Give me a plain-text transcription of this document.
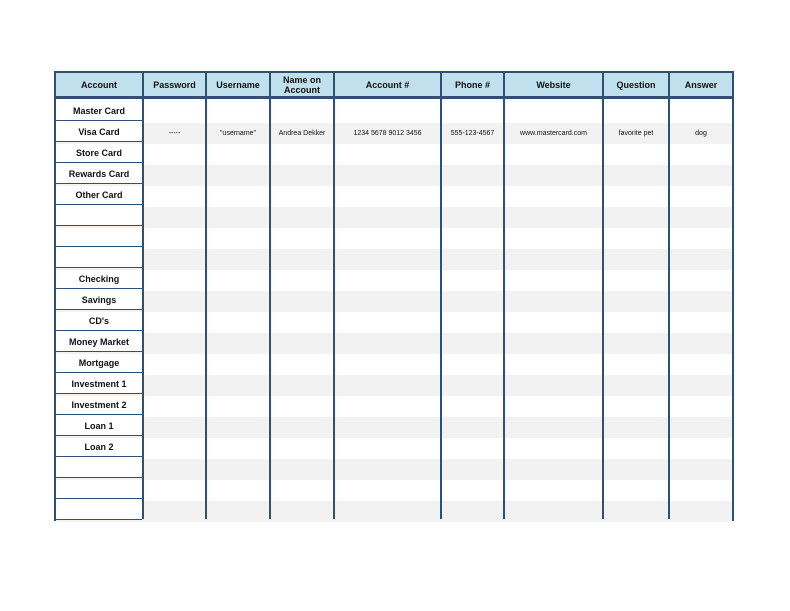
Account	Password	Username	Name on Account	Account #	Phone #	Website	Question	Answer
Master Card
Visa Card	-----	"username"	Andrea Dekker	1234 5678 9012 3456	555-123-4567	www.mastercard.com	favorite pet	dog
Store Card
Rewards Card
Other Card
Checking
Savings
CD's
Money Market
Mortgage
Investment 1
Investment 2
Loan 1
Loan 2
